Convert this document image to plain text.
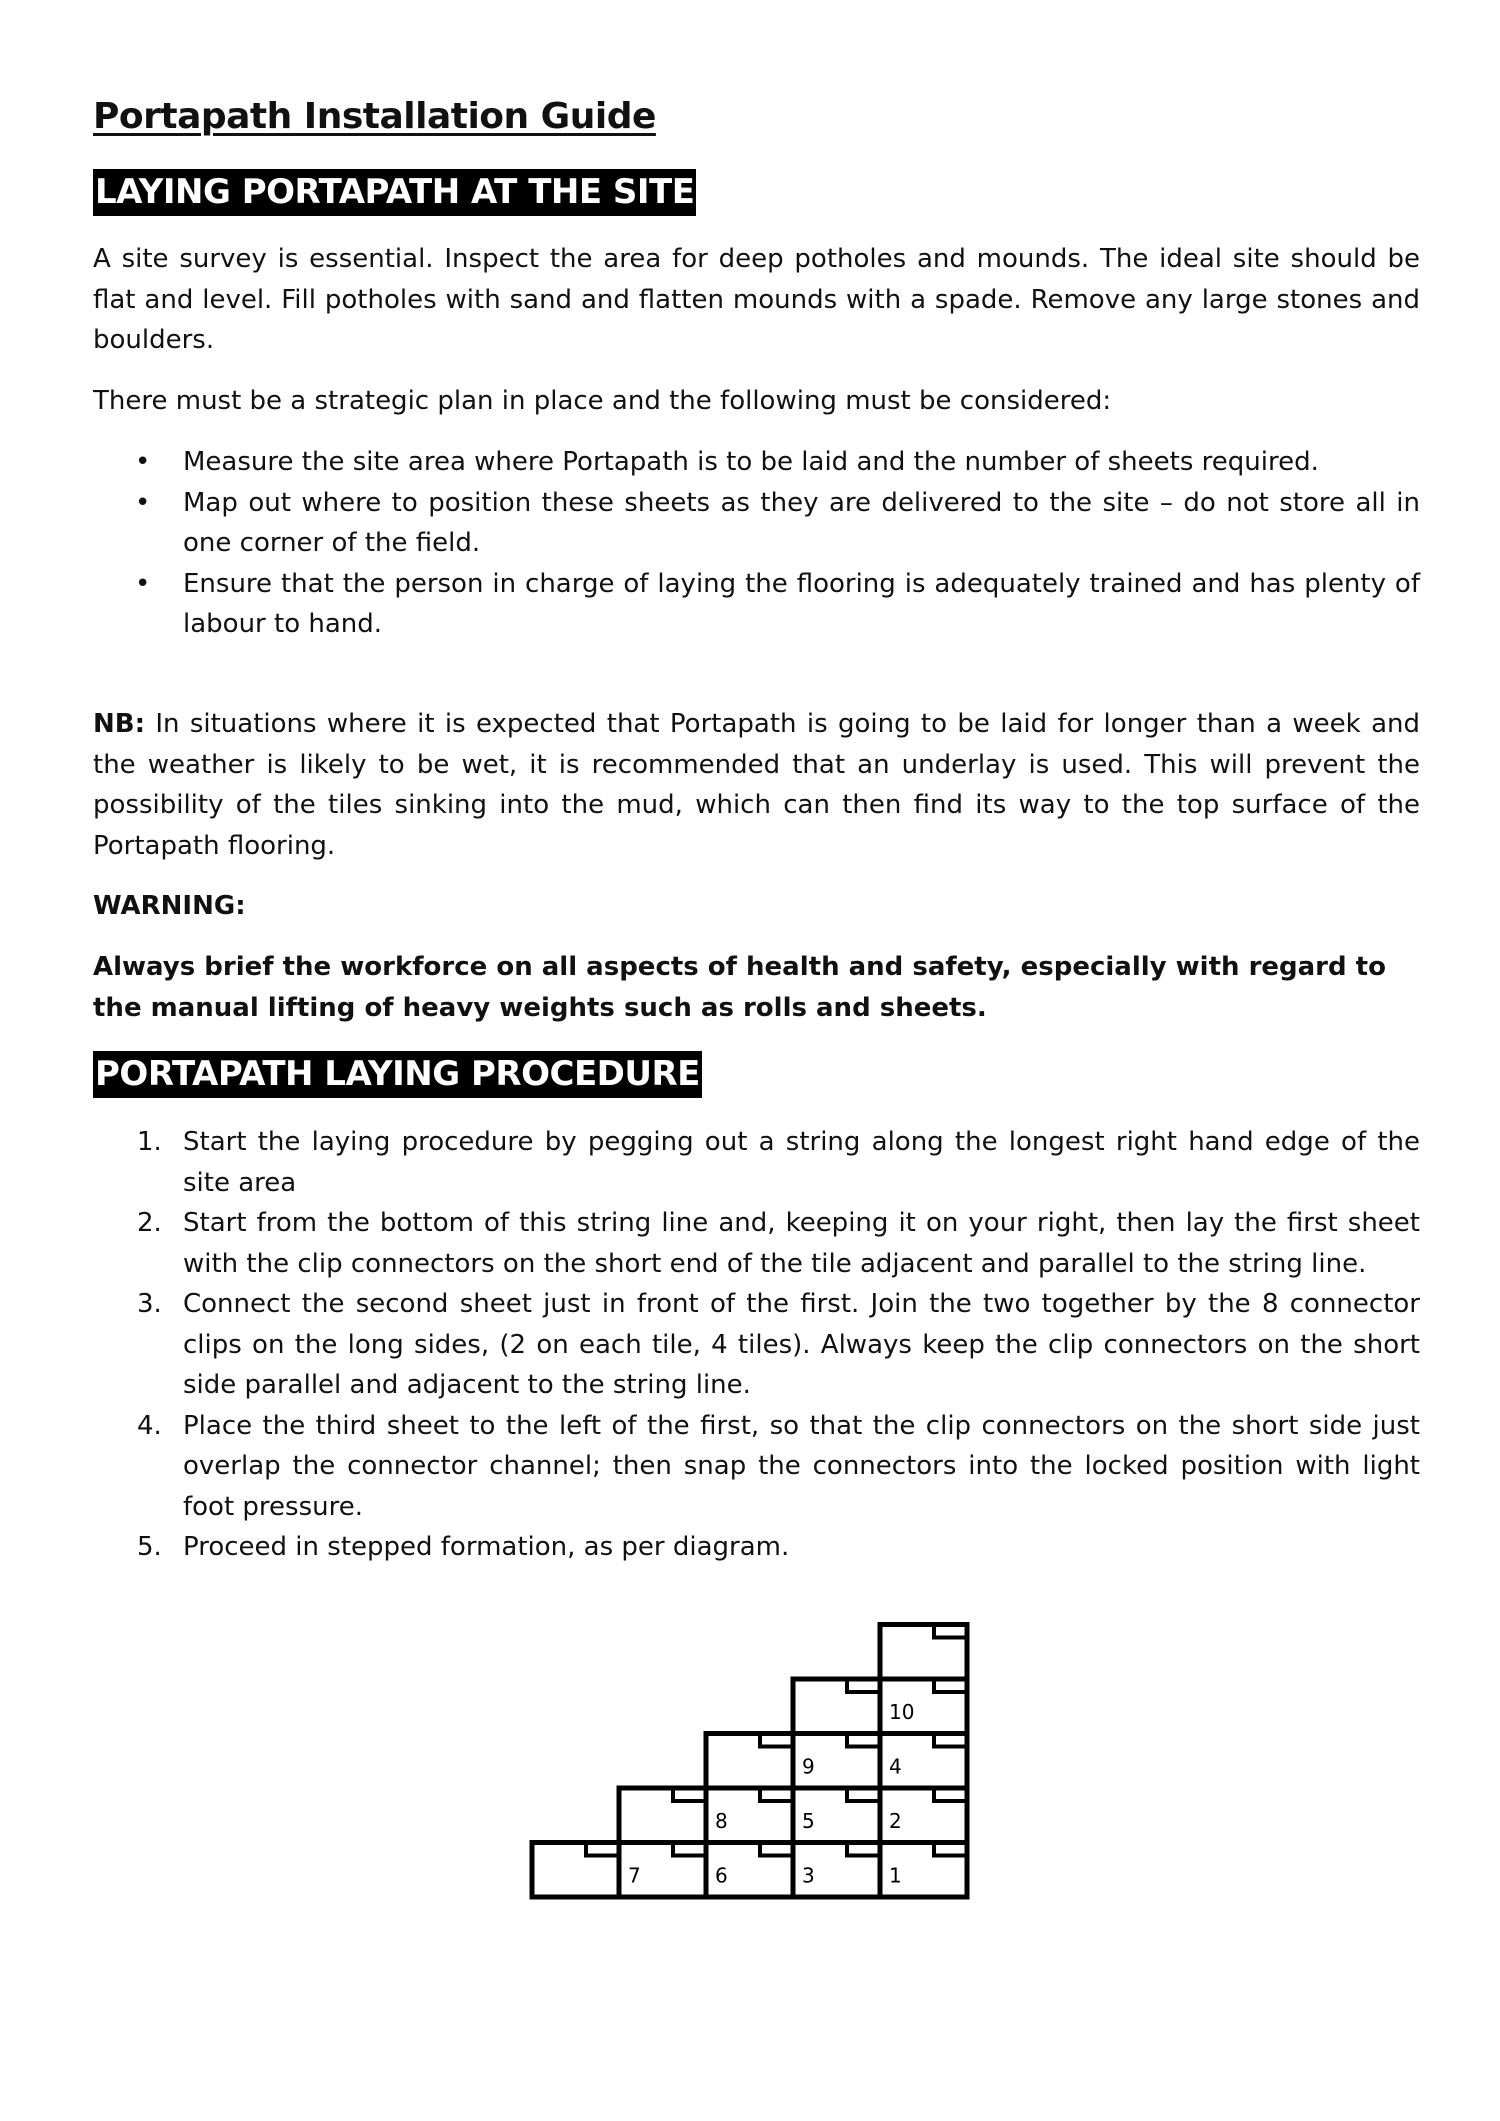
Portapath Installation Guide
LAYING PORTAPATH AT THE SITE
A site survey is essential. Inspect the area for deep potholes and mounds. The ideal site should be flat and level. Fill potholes with sand and flatten mounds with a spade. Remove any large stones and boulders.
There must be a strategic plan in place and the following must be considered:
• Measure the site area where Portapath is to be laid and the number of sheets required.
• Map out where to position these sheets as they are delivered to the site – do not store all in one corner of the field.
• Ensure that the person in charge of laying the flooring is adequately trained and has plenty of labour to hand.
NB: In situations where it is expected that Portapath is going to be laid for longer than a week and the weather is likely to be wet, it is recommended that an underlay is used. This will prevent the possibility of the tiles sinking into the mud, which can then find its way to the top surface of the Portapath flooring.
WARNING:
Always brief the workforce on all aspects of health and safety, especially with regard to the manual lifting of heavy weights such as rolls and sheets.
PORTAPATH LAYING PROCEDURE
1. Start the laying procedure by pegging out a string along the longest right hand edge of the site area
2. Start from the bottom of this string line and, keeping it on your right, then lay the first sheet with the clip connectors on the short end of the tile adjacent and parallel to the string line.
3. Connect the second sheet just in front of the first. Join the two together by the 8 connector clips on the long sides, (2 on each tile, 4 tiles). Always keep the clip connectors on the short side parallel and adjacent to the string line.
4. Place the third sheet to the left of the first, so that the clip connectors on the short side just overlap the connector channel; then snap the connectors into the locked position with light foot pressure.
5. Proceed in stepped formation, as per diagram.
7	6	3	1
8	5	2
9	4
10
